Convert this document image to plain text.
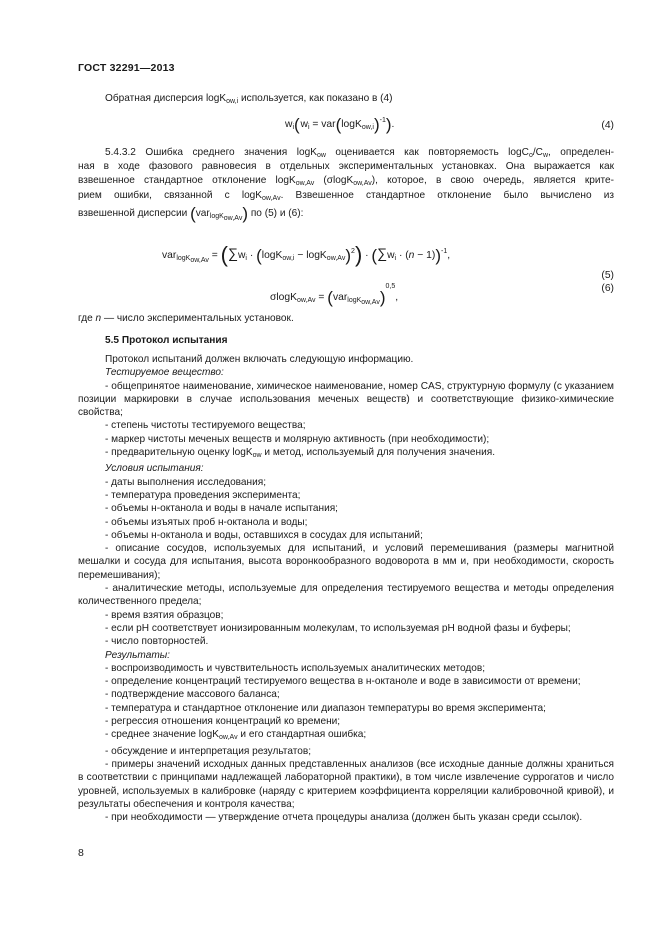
ГОСТ 32291—2013
Обратная дисперсия logK$_{ow,i}$ используется, как показано в (4)
$w_i$( $w_i = var(\log K_{ow,i})^{-1}$).	(4)
5.4.3.2 Ошибка среднего значения logK$_{ow}$ оценивается как повторяемость $\log C_o/C_w$, определен-
ная в ходе фазового равновесия в отдельных экспериментальных установках. Она выражается как
взвешенное стандартное отклонение logK$_{ow,Av}$ (σlogK$_{ow,Av}$), которое, в свою очередь, является крите-
рием ошибки, связанной с logK$_{ow,Av}$. Взвешенное стандартное отклонение было вычислено из
взвешенной дисперсии (var$_{logK_{ow,Av}}$) по (5) и (6):
$var_{logK_{ow,Av}} = (\sum w_i \cdot (\log K_{ow,i} - \log K_{ow,Av})^2) \cdot (\sum w_i \cdot (n - 1))^{-1}$,
(5)
$\sigma\log K_{ow,Av} = (var_{logK_{ow,Av}})^{0,5}$,
(6)
где n — число экспериментальных установок.
5.5 Протокол испытания

Протокол испытаний должен включать следующую информацию.

Тестируемое вещество:

- общепринятое наименование, химическое наименование, номер CAS, структурную формулу (с указанием позиции маркировки в случае использования меченых веществ) и соответствующие физико-химические свойства;

- степень чистоты тестируемого вещества;

- маркер чистоты меченых веществ и молярную активность (при необходимости);

- предварительную оценку logK$_{ow}$ и метод, используемый для получения значения.

Условия испытания:

- даты выполнения исследования;

- температура проведения эксперимента;

- объемы н-октанола и воды в начале испытания;

- объемы изъятых проб н-октанола и воды;

- объемы н-октанола и воды, оставшихся в сосудах для испытаний;

- описание сосудов, используемых для испытаний, и условий перемешивания (размеры магнитной мешалки и сосуда для испытания, высота воронкообразного водоворота в мм и, при необходимости, скорость перемешивания);

- аналитические методы, используемые для определения тестируемого вещества и методы определения количественного предела;

- время взятия образцов;

- если pH соответствует ионизированным молекулам, то используемая pH водной фазы и буферы;

- число повторностей.

Результаты:

- воспроизводимость и чувствительность используемых аналитических методов;

- определение концентраций тестируемого вещества в н-октаноле и воде в зависимости от времени;

- подтверждение массового баланса;

- температура и стандартное отклонение или диапазон температуры во время эксперимента;

- регрессия отношения концентраций ко времени;

- среднее значение logK$_{ow,Av}$ и его стандартная ошибка;

- обсуждение и интерпретация результатов;

- примеры значений исходных данных представленных анализов (все исходные данные должны храниться в соответствии с принципами надлежащей лабораторной практики), в том числе извлечение суррогатов и число уровней, используемых в калибровке (наряду с критерием коэффициента корреляции калибровочной кривой), и результаты обеспечения и контроля качества;

- при необходимости — утверждение отчета процедуры анализа (должен быть указан среди ссылок).

8
